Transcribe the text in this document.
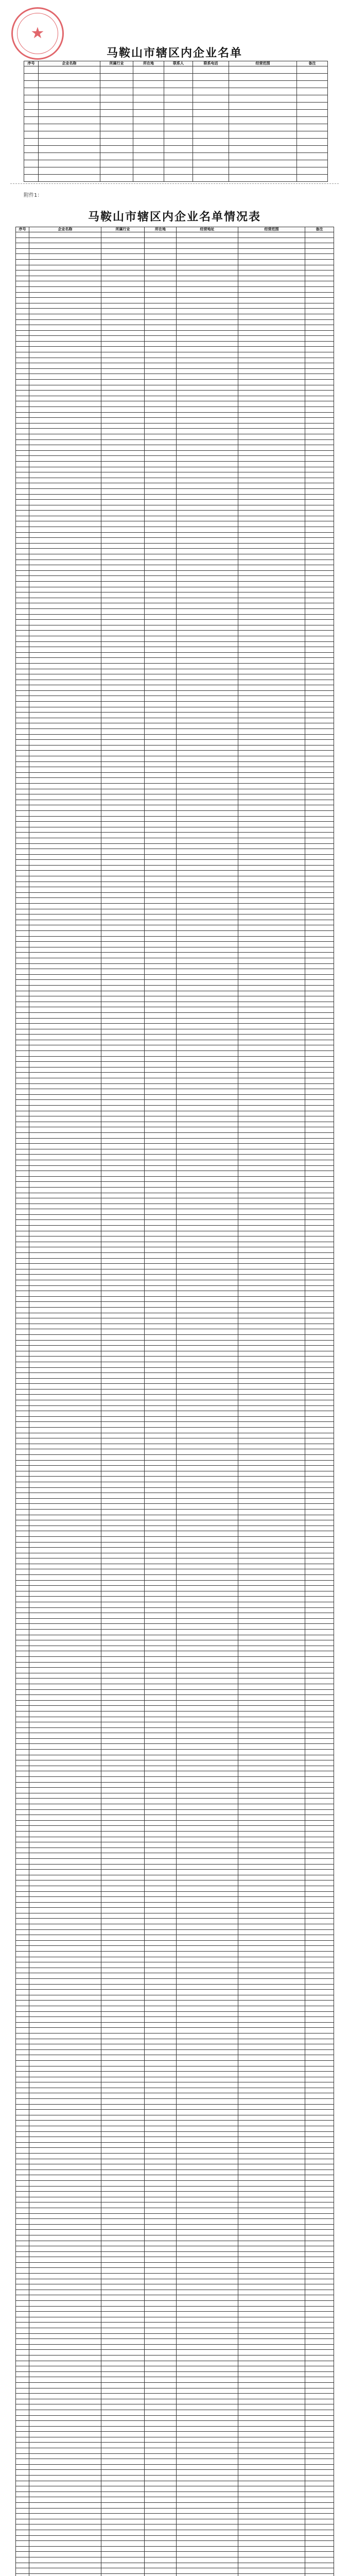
★
马鞍山市辖区内企业名单
序号	企业名称	所属行业	所在地	联系人	联系电话	经营范围	备注

附件1：
马鞍山市辖区内企业名单情况表
序号	企业名称	所属行业	所在地	经营地址	经营范围	备注
